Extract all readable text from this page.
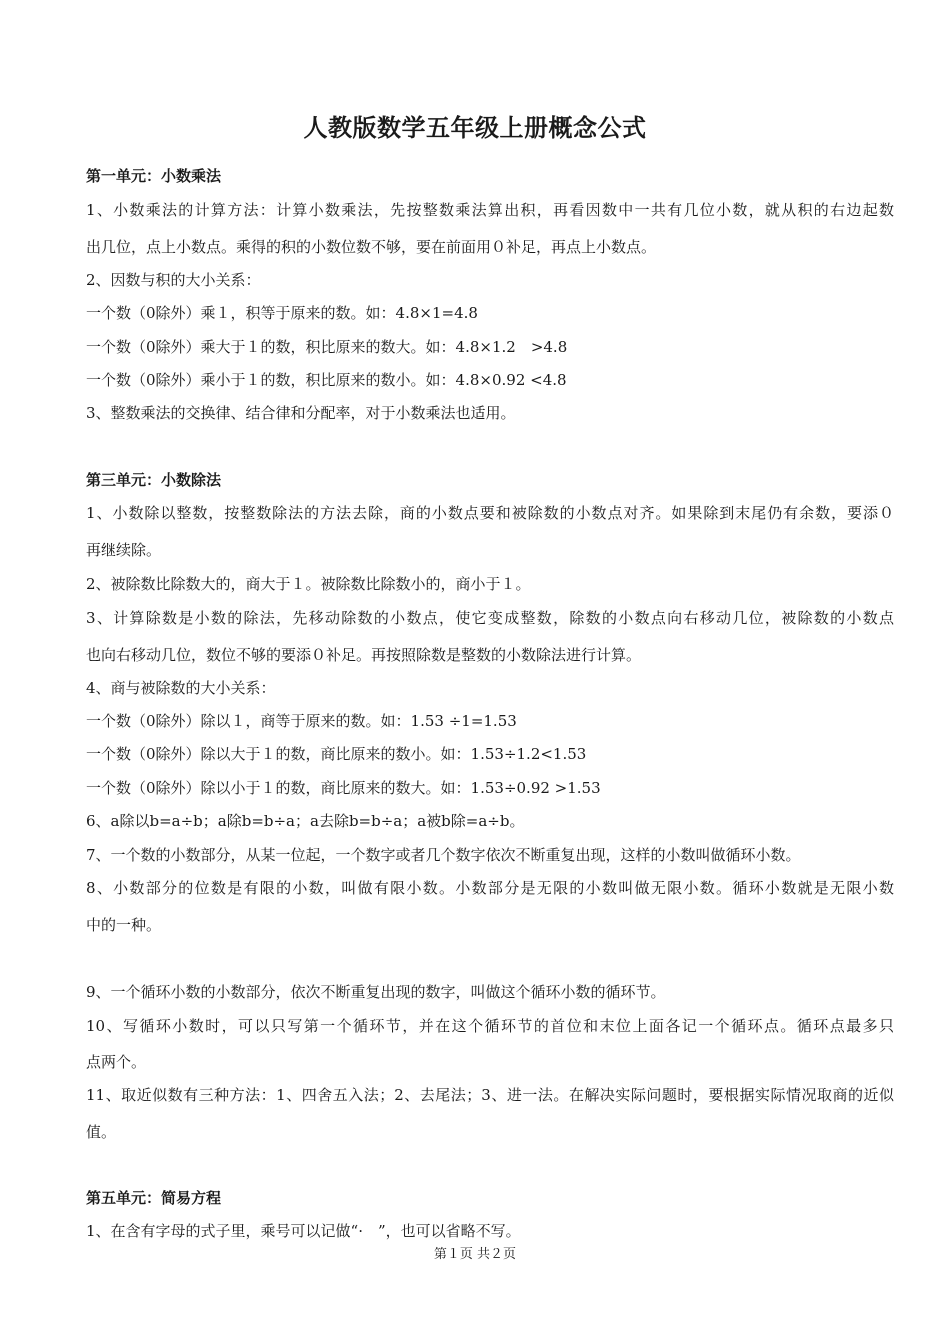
人教版数学五年级上册概念公式
第一单元：小数乘法
1、小数乘法的计算方法：计算小数乘法，先按整数乘法算出积，再看因数中一共有几位小数，就从积的右边起数
出几位，点上小数点。乘得的积的小数位数不够，要在前面用０补足，再点上小数点。
2、因数与积的大小关系：
一个数（0除外）乘１，积等于原来的数。如：4.8×1=4.8
一个数（0除外）乘大于１的数，积比原来的数大。如：4.8×1.2　>4.8
一个数（0除外）乘小于１的数，积比原来的数小。如：4.8×0.92 <4.8
3、整数乘法的交换律、结合律和分配率，对于小数乘法也适用。
第三单元：小数除法
1、小数除以整数，按整数除法的方法去除，商的小数点要和被除数的小数点对齐。如果除到末尾仍有余数，要添０
再继续除。
2、被除数比除数大的，商大于１。被除数比除数小的，商小于１。
3、计算除数是小数的除法，先移动除数的小数点，使它变成整数，除数的小数点向右移动几位，被除数的小数点
也向右移动几位，数位不够的要添０补足。再按照除数是整数的小数除法进行计算。
4、商与被除数的大小关系：
一个数（0除外）除以１，商等于原来的数。如：1.53 ÷1=1.53
一个数（0除外）除以大于１的数，商比原来的数小。如：1.53÷1.2<1.53
一个数（0除外）除以小于１的数，商比原来的数大。如：1.53÷0.92 >1.53
6、a除以b=a÷b；a除b=b÷a；a去除b=b÷a；a被b除=a÷b。
7、一个数的小数部分，从某一位起，一个数字或者几个数字依次不断重复出现，这样的小数叫做循环小数。
8、小数部分的位数是有限的小数，叫做有限小数。小数部分是无限的小数叫做无限小数。循环小数就是无限小数
中的一种。
9、一个循环小数的小数部分，依次不断重复出现的数字，叫做这个循环小数的循环节。
10、写循环小数时，可以只写第一个循环节，并在这个循环节的首位和末位上面各记一个循环点。循环点最多只
点两个。
11、取近似数有三种方法：1、四舍五入法；2、去尾法；3、进一法。在解决实际问题时，要根据实际情况取商的近似
值。
第五单元：简易方程
1、在含有字母的式子里，乘号可以记做“·　”，也可以省略不写。
第１页 共２页
